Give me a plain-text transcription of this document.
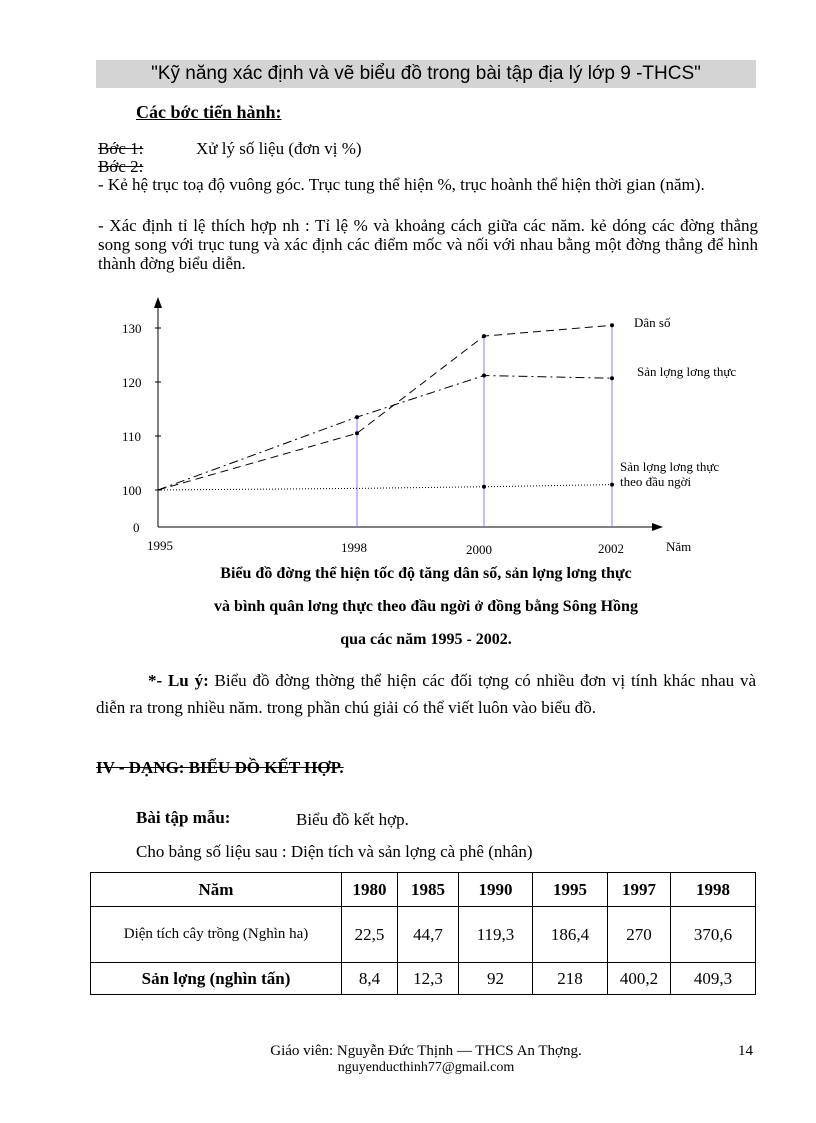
"Kỹ năng xác định và vẽ biểu đồ trong bài tập địa lý lớp 9 -THCS"
Các bớc tiến hành:
Bớc 1:	Xử lý số liệu (đơn vị %)
Bớc 2:
- Kẻ hệ trục toạ độ vuông góc. Trục tung thể hiện %, trục hoành thể hiện thời gian (năm).
- Xác định tỉ lệ thích hợp nh : Tỉ lệ % và khoảng cách giữa các năm. kẻ dóng các đờng thẳng song song với trục tung và xác định các điểm mốc và nối với nhau bằng một đờng thẳng để hình thành đờng biểu diễn.
0
100
110
120
130
1995	1998	2000	2002	Năm
Dân số
Sản lợng lơng thực
Sản lợng lơng thực
theo đầu ngời
Biểu đồ đờng thể hiện tốc độ tăng dân số, sản lợng lơng thực
và bình quân lơng thực theo đầu ngời ở đồng bằng Sông Hồng
qua các năm 1995 - 2002.
*- Lu ý: Biểu đồ đờng thờng thể hiện các đối tợng có nhiều đơn vị tính khác nhau và diễn ra trong nhiều năm. trong phần chú giải có thể viết luôn vào biểu đồ.
IV - DẠNG: BIỂU ĐỒ KẾT HỢP.
Bài tập mẫu:	Biểu đồ kết hợp.
Cho bảng số liệu sau : Diện tích và sản lợng cà phê (nhân)
Năm	1980	1985	1990	1995	1997	1998
Diện tích cây trồng (Nghìn ha)	22,5	44,7	119,3	186,4	270	370,6
Sản lợng (nghìn tấn)	8,4	12,3	92	218	400,2	409,3
Giáo viên: Nguyễn Đức Thịnh — THCS An Thợng.	14
nguyenducthinh77@gmail.com
